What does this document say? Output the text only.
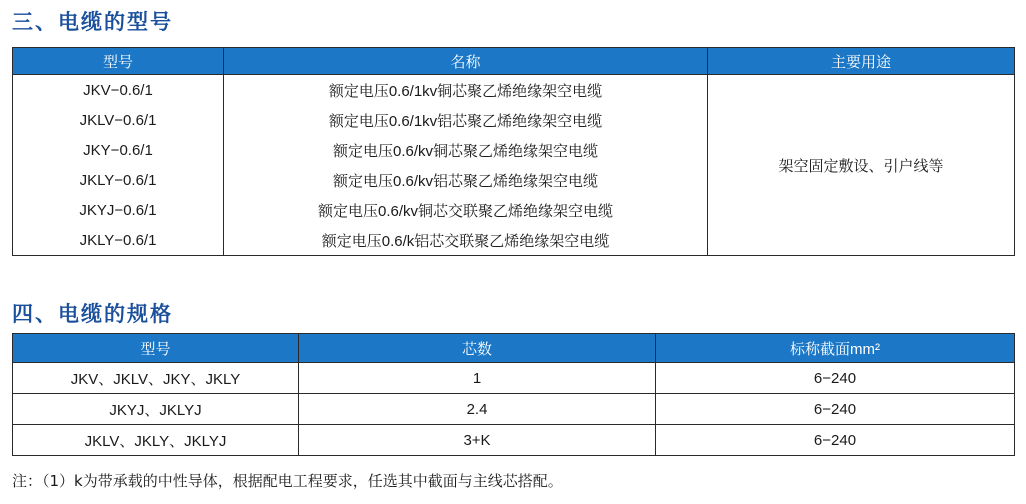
三、电缆的型号
型号	名称	主要用途
JKV−0.6/1	额定电压0.6/1kv铜芯聚乙烯绝缘架空电缆	架空固定敷设、引户线等
JKLV−0.6/1	额定电压0.6/1kv铝芯聚乙烯绝缘架空电缆	
JKY−0.6/1	额定电压0.6/kv铜芯聚乙烯绝缘架空电缆	
JKLY−0.6/1	额定电压0.6/kv铝芯聚乙烯绝缘架空电缆	
JKYJ−0.6/1	额定电压0.6/kv铜芯交联聚乙烯绝缘架空电缆	
JKLY−0.6/1	额定电压0.6/k铝芯交联聚乙烯绝缘架空电缆	
四、电缆的规格
型号	芯数	标称截面mm²
JKV、JKLV、JKY、JKLY	1	6−240
JKYJ、JKLYJ	2.4	6−240
JKLV、JKLY、JKLYJ	3+K	6−240
注：（1）k为带承载的中性导体，根据配电工程要求，任选其中截面与主线芯搭配。
